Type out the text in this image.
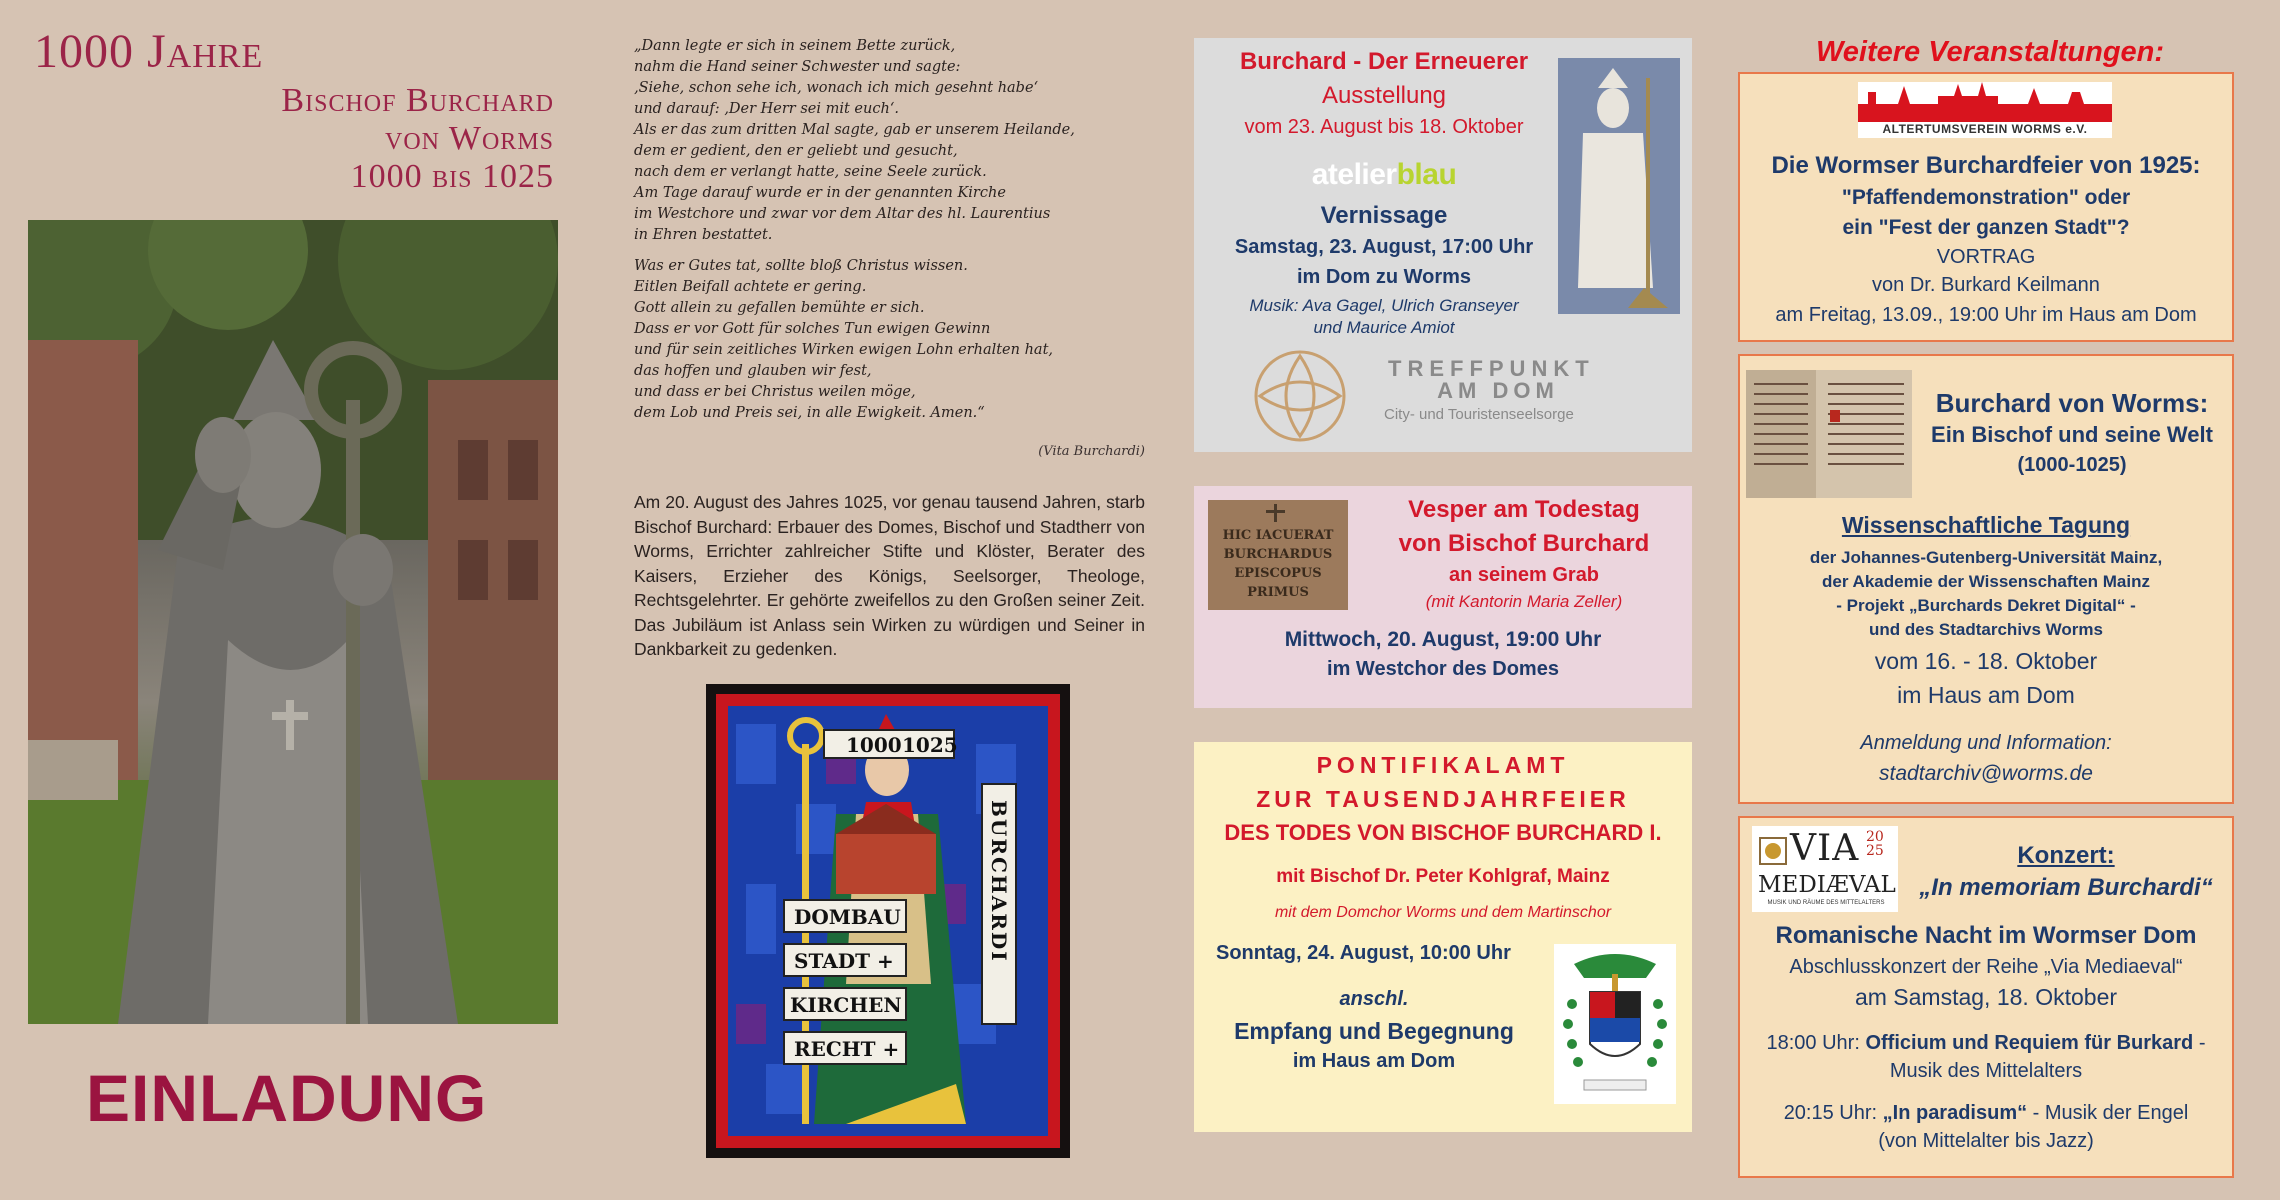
1000 Jahre
Bischof Burchard
von Worms
1000 bis 1025
EINLADUNG
„Dann legte er sich in seinem Bette zurück,
nahm die Hand seiner Schwester und sagte:
‚Siehe, schon sehe ich, wonach ich mich gesehnt habe‘
und darauf: ‚Der Herr sei mit euch‘.
Als er das zum dritten Mal sagte, gab er unserem Heilande,
dem er gedient, den er geliebt und gesucht,
nach dem er verlangt hatte, seine Seele zurück.
Am Tage darauf wurde er in der genannten Kirche
im Westchore und zwar vor dem Altar des hl. Laurentius
in Ehren bestattet.
Was er Gutes tat, sollte bloß Christus wissen.
Eitlen Beifall achtete er gering.
Gott allein zu gefallen bemühte er sich.
Dass er vor Gott für solches Tun ewigen Gewinn
und für sein zeitliches Wirken ewigen Lohn erhalten hat,
das hoffen und glauben wir fest,
und dass er bei Christus weilen möge,
dem Lob und Preis sei, in alle Ewigkeit. Amen.“
(Vita Burchardi)
Am 20. August des Jahres 1025, vor genau tausend Jahren, starb Bischof Burchard: Erbauer des Domes, Bischof und Stadtherr von Worms, Errichter zahlreicher Stifte und Klöster, Berater des Kaisers, Erzieher des Königs, Seelsorger, Theologe, Rechtsgelehrter. Er gehörte zweifellos zu den Großen seiner Zeit. Das Jubiläum ist Anlass sein Wirken zu würdigen und Seiner in Dankbarkeit zu gedenken.
1000 1025
BURCHARDI
DOMBAU
STADT +
KIRCHEN
RECHT +
Burchard - Der Erneuerer
Ausstellung
vom 23. August bis 18. Oktober
atelierblau
Vernissage
Samstag, 23. August, 17:00 Uhr
im Dom zu Worms
Musik: Ava Gagel, Ulrich Granseyer
und Maurice Amiot
TREFFPUNKT
AM DOM
City- und Touristenseelsorge
HIC IACUERAT
BURCHARDUS
EPISCOPUS
PRIMUS
Vesper am Todestag
von Bischof Burchard
an seinem Grab
(mit Kantorin Maria Zeller)
Mittwoch, 20. August, 19:00 Uhr
im Westchor des Domes
PONTIFIKALAMT
ZUR TAUSENDJAHRFEIER
DES TODES VON BISCHOF BURCHARD I.
mit Bischof Dr. Peter Kohlgraf, Mainz
mit dem Domchor Worms und dem Martinschor
Sonntag, 24. August, 10:00 Uhr
anschl.
Empfang und Begegnung
im Haus am Dom
Weitere Veranstaltungen:
ALTERTUMSVEREIN WORMS e.V.
Die Wormser Burchardfeier von 1925:
"Pfaffendemonstration" oder
ein "Fest der ganzen Stadt"?
VORTRAG
von Dr. Burkard Keilmann
am Freitag, 13.09., 19:00 Uhr im Haus am Dom
Burchard von Worms:
Ein Bischof und seine Welt
(1000-1025)
Wissenschaftliche Tagung
der Johannes-Gutenberg-Universität Mainz,
der Akademie der Wissenschaften Mainz
- Projekt „Burchards Dekret Digital“ -
und des Stadtarchivs Worms
vom 16. - 18. Oktober
im Haus am Dom
Anmeldung und Information:
stadtarchiv@worms.de
VIA 2025
MEDIÆVAL
MUSIK UND RÄUME DES MITTELALTERS
Konzert:
„In memoriam Burchardi“
Romanische Nacht im Wormser Dom
Abschlusskonzert der Reihe „Via Mediaeval“
am Samstag, 18. Oktober
18:00 Uhr: Officium und Requiem für Burkard -
Musik des Mittelalters
20:15 Uhr: „In paradisum“ - Musik der Engel
(von Mittelalter bis Jazz)
